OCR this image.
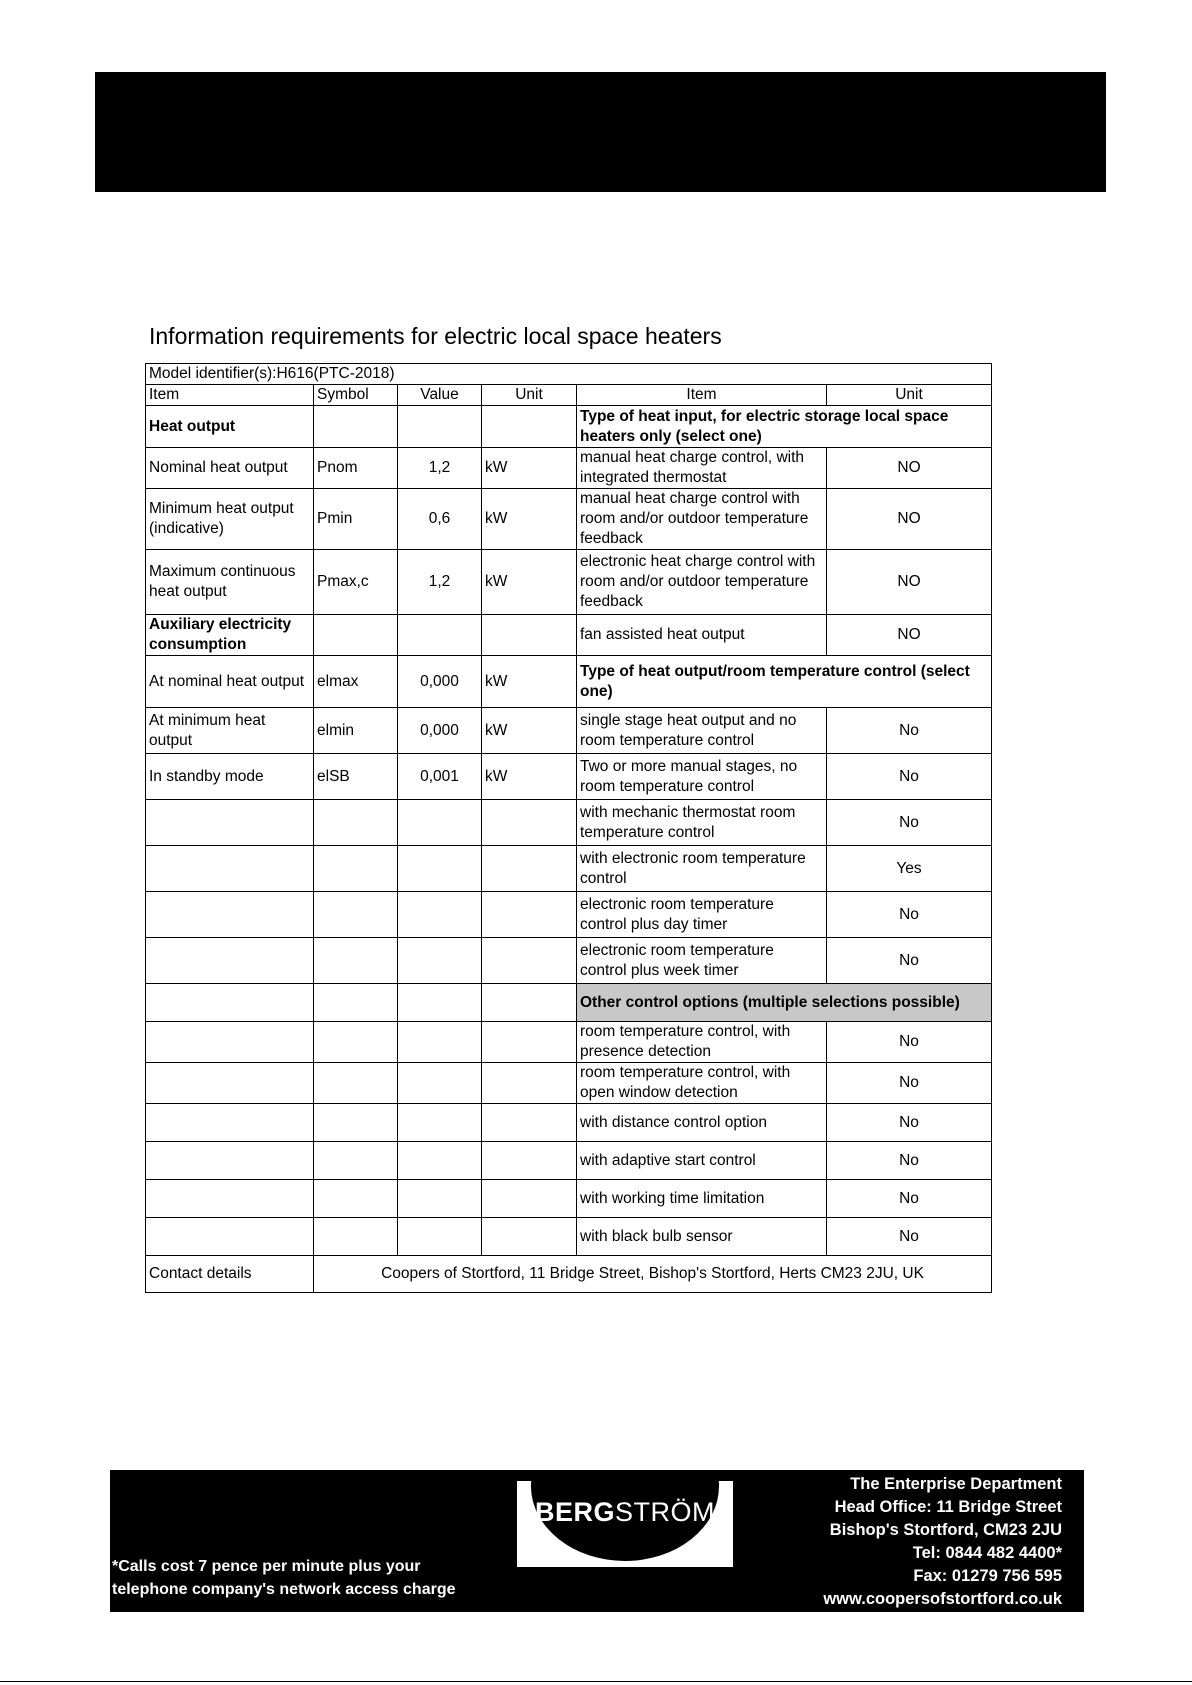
Information requirements for electric local space heaters
Model identifier(s):H616(PTC-2018)					
Item	Symbol	Value	Unit	Item	Unit
Heat output				Type of heat input, for electric storage local space heaters only (select one)	
Nominal heat output	Pnom	1,2	kW	manual heat charge control, with integrated thermostat	NO
Minimum heat output (indicative)	Pmin	0,6	kW	manual heat charge control with room and/or outdoor temperature feedback	NO
Maximum continuous heat output	Pmax,c	1,2	kW	electronic heat charge control with room and/or outdoor temperature feedback	NO
Auxiliary electricity consumption				fan assisted heat output	NO
At nominal heat output	elmax	0,000	kW	Type of heat output/room temperature control (select one)	
At minimum heat output	elmin	0,000	kW	single stage heat output and no room temperature control	No
In standby mode	elSB	0,001	kW	Two or more manual stages, no room temperature control	No
				with mechanic thermostat room temperature control	No
				with electronic room temperature control	Yes
				electronic room temperature control plus day timer	No
				electronic room temperature control plus week timer	No
				Other control options (multiple selections possible)	
				room temperature control, with presence detection	No
				room temperature control, with open window detection	No
				with distance control option	No
				with adaptive start control	No
				with working time limitation	No
				with black bulb sensor	No
Contact details	Coopers of Stortford, 11 Bridge Street, Bishop's Stortford, Herts CM23 2JU, UK				
*Calls cost 7 pence per minute plus your telephone company's network access charge
BERGSTRÖM
The Enterprise Department
Head Office: 11 Bridge Street
Bishop's Stortford, CM23 2JU
Tel: 0844 482 4400*
Fax: 01279 756 595
www.coopersofstortford.co.uk
